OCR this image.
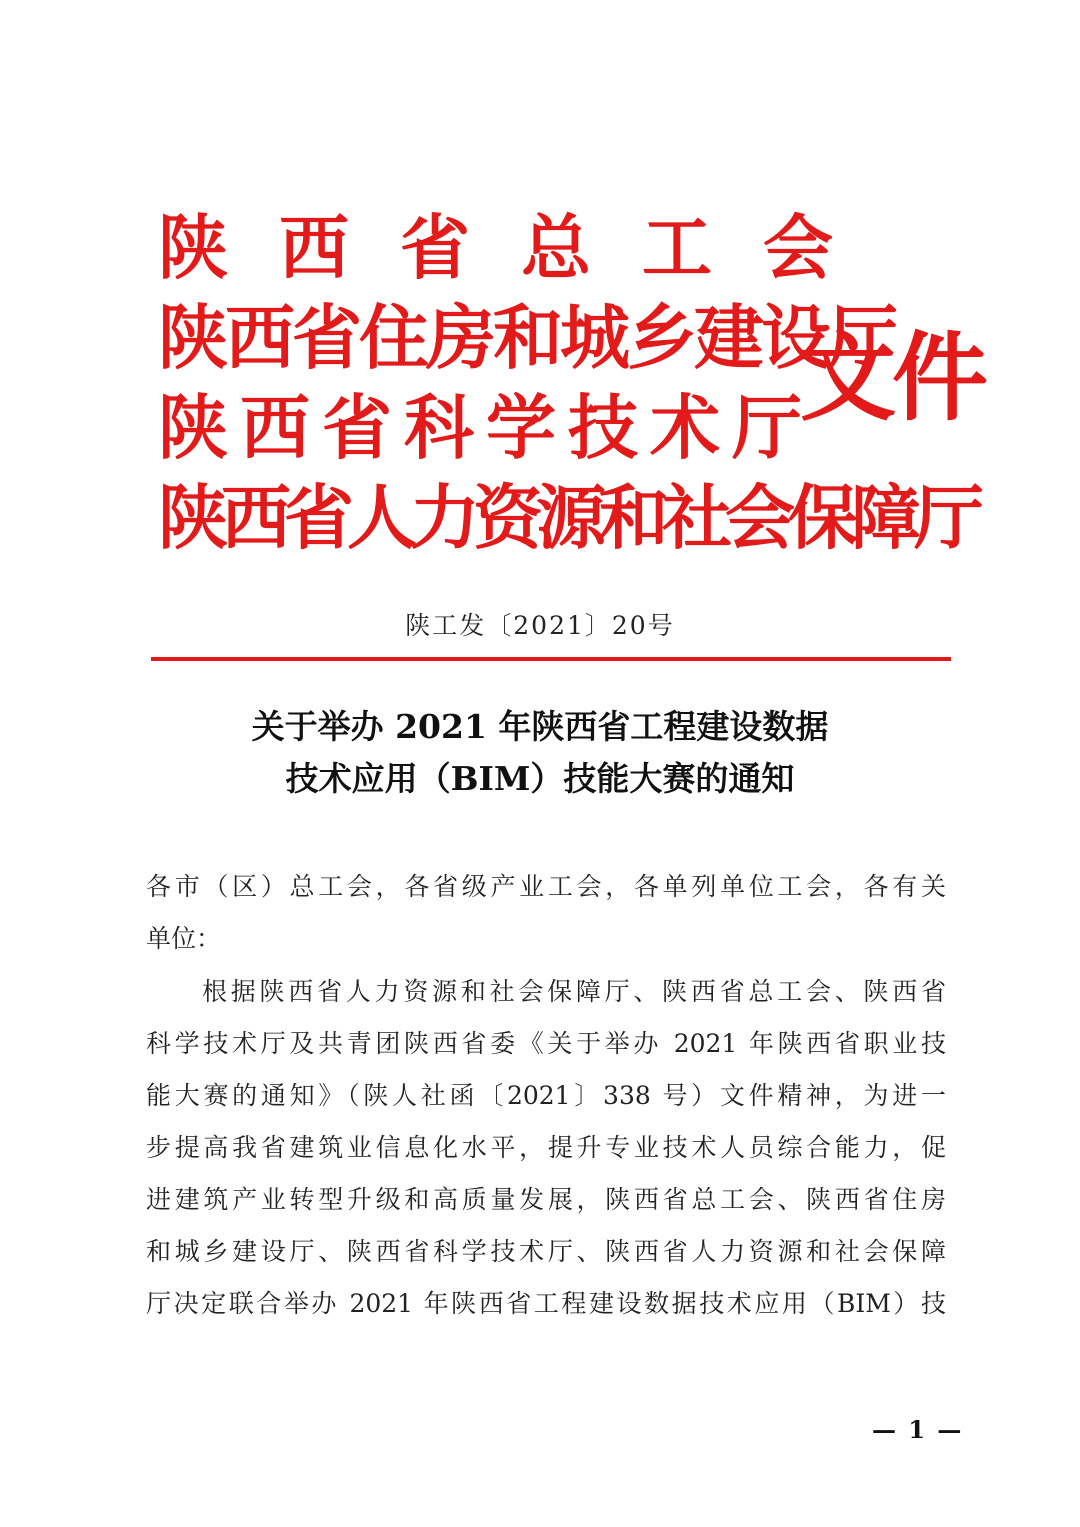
陕西省总工会
陕西省住房和城乡建设厅
陕西省科学技术厅
陕西省人力资源和社会保障厅
文件
陕工发〔2021〕20号
关于举办 2021 年陕西省工程建设数据
技术应用（BIM）技能大赛的通知
各市（区）总工会，各省级产业工会，各单列单位工会，各有关
单位：
根据陕西省人力资源和社会保障厅、陕西省总工会、陕西省
科学技术厅及共青团陕西省委《关于举办 2021 年陕西省职业技
能大赛的通知》（陕人社函〔2021〕338 号）文件精神，为进一
步提高我省建筑业信息化水平，提升专业技术人员综合能力，促
进建筑产业转型升级和高质量发展，陕西省总工会、陕西省住房
和城乡建设厅、陕西省科学技术厅、陕西省人力资源和社会保障
厅决定联合举办 2021 年陕西省工程建设数据技术应用（BIM）技
— 1 —
